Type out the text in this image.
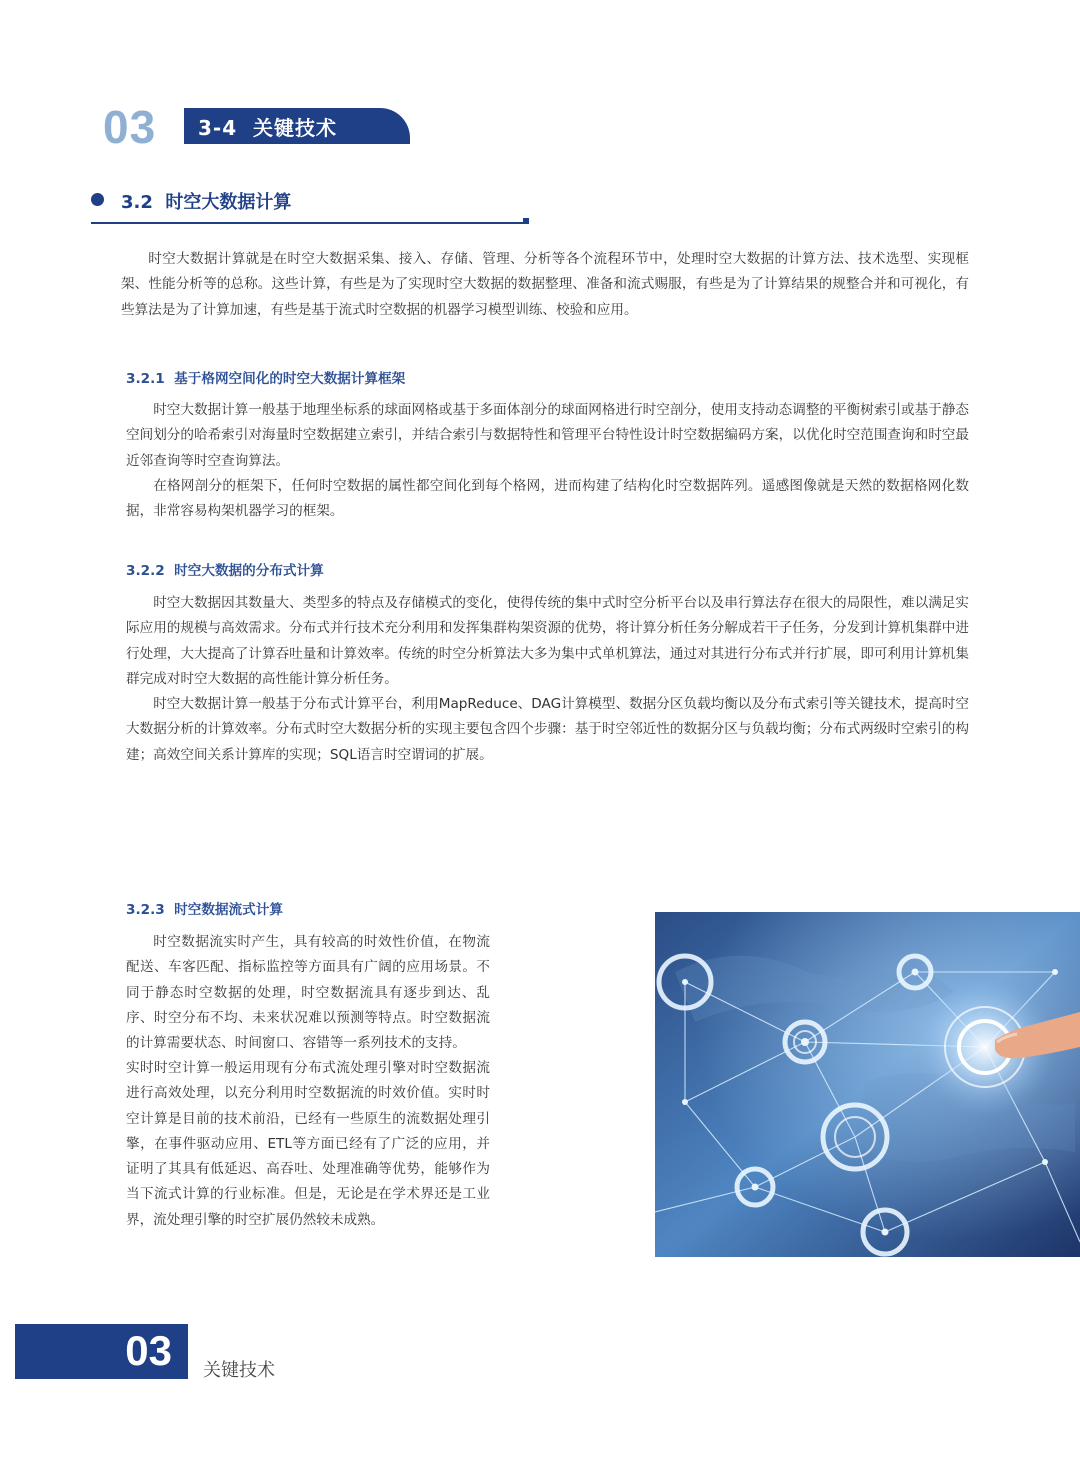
03 3-4  关键技术
3.2  时空大数据计算

时空大数据计算就是在时空大数据采集、接入、存储、管理、分析等各个流程环节中，处理时空大数据的计算方法、技术选型、实现框架、性能分析等的总称。这些计算，有些是为了实现时空大数据的数据整理、准备和流式赐服，有些是为了计算结果的规整合并和可视化，有些算法是为了计算加速，有些是基于流式时空数据的机器学习模型训练、校验和应用。

3.2.1  基于格网空间化的时空大数据计算框架

时空大数据计算一般基于地理坐标系的球面网格或基于多面体剖分的球面网格进行时空剖分，使用支持动态调整的平衡树索引或基于静态空间划分的哈希索引对海量时空数据建立索引，并结合索引与数据特性和管理平台特性设计时空数据编码方案，以优化时空范围查询和时空最近邻查询等时空查询算法。

在格网剖分的框架下，任何时空数据的属性都空间化到每个格网，进而构建了结构化时空数据阵列。遥感图像就是天然的数据格网化数据，非常容易构架机器学习的框架。

3.2.2  时空大数据的分布式计算

时空大数据因其数量大、类型多的特点及存储模式的变化，使得传统的集中式时空分析平台以及串行算法存在很大的局限性，难以满足实际应用的规模与高效需求。分布式并行技术充分利用和发挥集群构架资源的优势，将计算分析任务分解成若干子任务，分发到计算机集群中进行处理，大大提高了计算吞吐量和计算效率。传统的时空分析算法大多为集中式单机算法，通过对其进行分布式并行扩展，即可利用计算机集群完成对时空大数据的高性能计算分析任务。

时空大数据计算一般基于分布式计算平台，利用MapReduce、DAG计算模型、数据分区负载均衡以及分布式索引等关键技术，提高时空大数据分析的计算效率。分布式时空大数据分析的实现主要包含四个步骤：基于时空邻近性的数据分区与负载均衡；分布式两级时空索引的构建；高效空间关系计算库的实现；SQL语言时空谓词的扩展。

3.2.3  时空数据流式计算

时空数据流实时产生，具有较高的时效性价值，在物流配送、车客匹配、指标监控等方面具有广阔的应用场景。不同于静态时空数据的处理，时空数据流具有逐步到达、乱序、时空分布不均、未来状况难以预测等特点。时空数据流的计算需要状态、时间窗口、容错等一系列技术的支持。

实时时空计算一般运用现有分布式流处理引擎对时空数据流进行高效处理，以充分利用时空数据流的时效价值。实时时空计算是目前的技术前沿，已经有一些原生的流数据处理引擎，在事件驱动应用、ETL等方面已经有了广泛的应用，并证明了其具有低延迟、高吞吐、处理准确等优势，能够作为当下流式计算的行业标准。但是，无论是在学术界还是工业界，流处理引擎的时空扩展仍然较未成熟。

03 关键技术
